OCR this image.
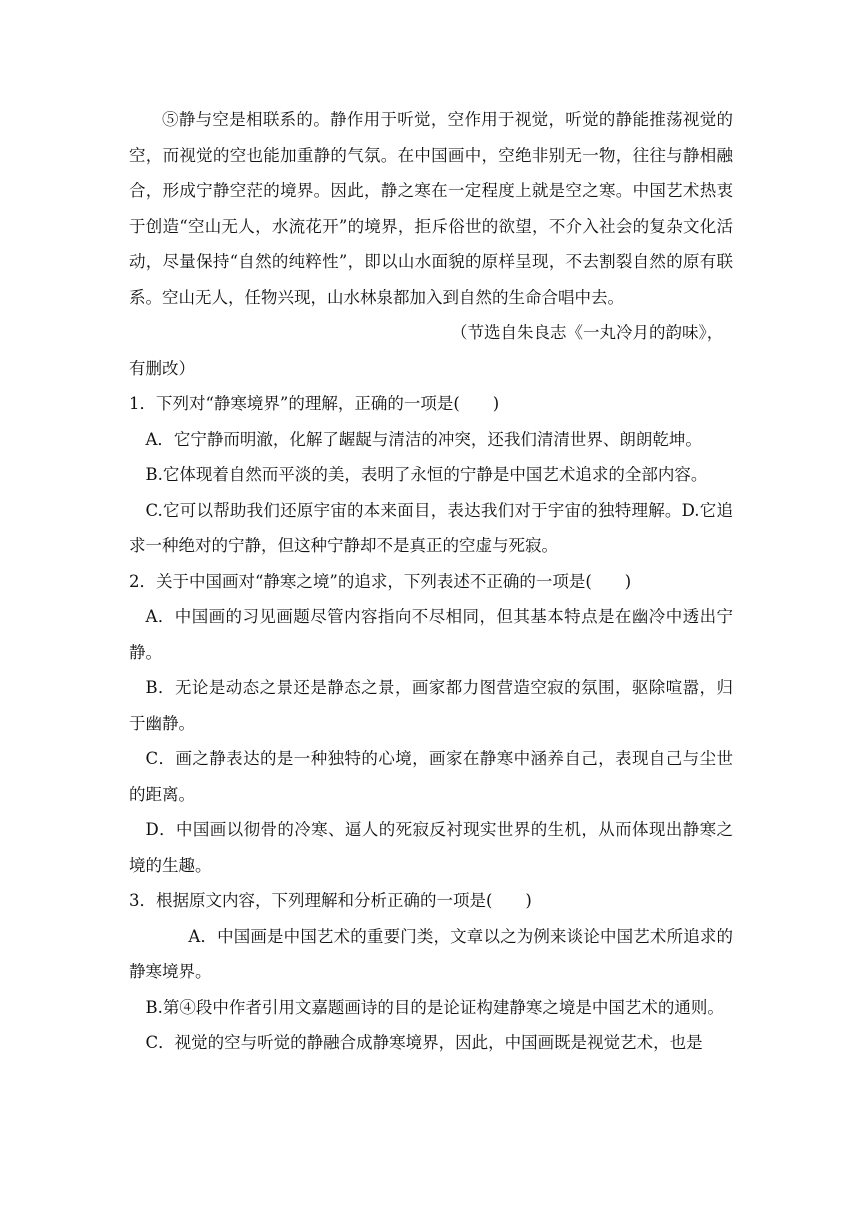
⑤静与空是相联系的。静作用于听觉，空作用于视觉，听觉的静能推荡视觉的空，而视觉的空也能加重静的气氛。在中国画中，空绝非别无一物，往往与静相融合，形成宁静空茫的境界。因此，静之寒在一定程度上就是空之寒。中国艺术热衷于创造“空山无人，水流花开”的境界，拒斥俗世的欲望，不介入社会的复杂文化活动，尽量保持“自然的纯粹性”，即以山水面貌的原样呈现，不去割裂自然的原有联系。空山无人，任物兴现，山水林泉都加入到自然的生命合唱中去。

（节选自朱良志《一丸冷月的韵味》，

有删改）

1．下列对“静寒境界”的理解，正确的一项是(　　)

A．它宁静而明澈，化解了龌龊与清洁的冲突，还我们清清世界、朗朗乾坤。

B.它体现着自然而平淡的美，表明了永恒的宁静是中国艺术追求的全部内容。

C.它可以帮助我们还原宇宙的本来面目，表达我们对于宇宙的独特理解。D.它追求一种绝对的宁静，但这种宁静却不是真正的空虚与死寂。

2．关于中国画对“静寒之境”的追求，下列表述不正确的一项是(　　)

A．中国画的习见画题尽管内容指向不尽相同，但其基本特点是在幽冷中透出宁静。

B．无论是动态之景还是静态之景，画家都力图营造空寂的氛围，驱除喧嚣，归于幽静。

C．画之静表达的是一种独特的心境，画家在静寒中涵养自己，表现自己与尘世的距离。

D．中国画以彻骨的冷寒、逼人的死寂反衬现实世界的生机，从而体现出静寒之境的生趣。

3．根据原文内容，下列理解和分析正确的一项是(　　)

A．中国画是中国艺术的重要门类，文章以之为例来谈论中国艺术所追求的静寒境界。

B.第④段中作者引用文嘉题画诗的目的是论证构建静寒之境是中国艺术的通则。

C．视觉的空与听觉的静融合成静寒境界，因此，中国画既是视觉艺术，也是
